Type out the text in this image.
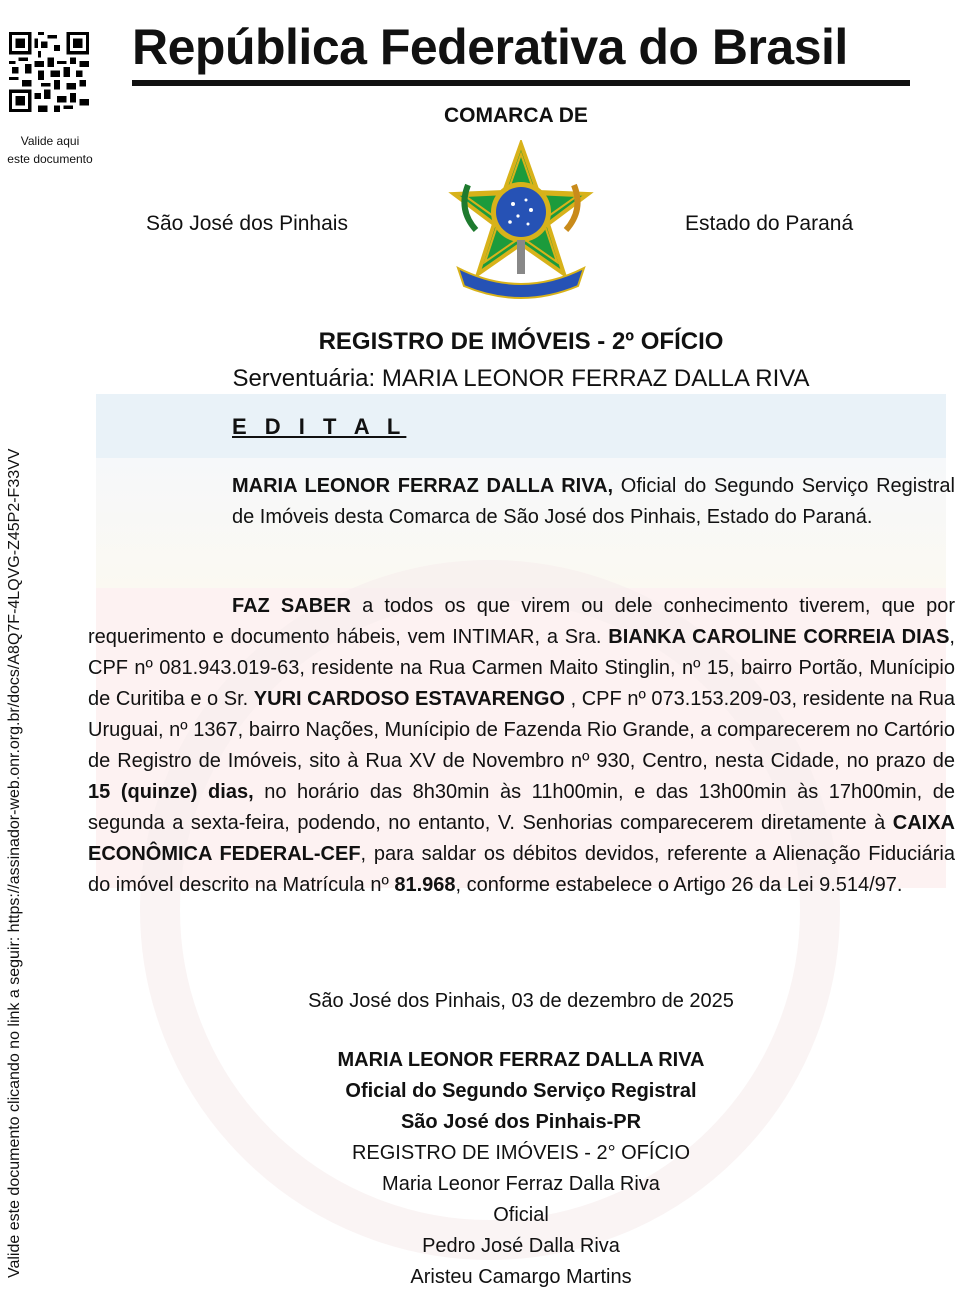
Valide aqui
este documento
República Federativa do Brasil
COMARCA DE
São José dos Pinhais	Estado do Paraná
Valide este documento clicando no link a seguir: https://assinador-web.onr.org.br/docs/A8Q7F-4LQVG-Z45P2-F33VV
REGISTRO DE IMÓVEIS - 2º OFÍCIO
Serventuária: MARIA LEONOR FERRAZ DALLA RIVA
E D I T A L
MARIA LEONOR FERRAZ DALLA RIVA, Oficial do Segundo Serviço Registral de Imóveis desta Comarca de São José dos Pinhais, Estado do Paraná.
FAZ SABER a todos os que virem ou dele conhecimento tiverem, que por requerimento e documento hábeis, vem INTIMAR, a Sra. BIANKA CAROLINE CORREIA DIAS, CPF nº 081.943.019-63, residente na Rua Carmen Maito Stinglin, nº 15, bairro Portão, Munícipio de Curitiba e o Sr. YURI CARDOSO ESTAVARENGO , CPF nº 073.153.209-03, residente na Rua Uruguai, nº 1367, bairro Nações, Munícipio de Fazenda Rio Grande, a comparecerem no Cartório de Registro de Imóveis, sito à Rua XV de Novembro nº 930, Centro, nesta Cidade, no prazo de 15 (quinze) dias, no horário das 8h30min às 11h00min, e das 13h00min às 17h00min, de segunda a sexta-feira, podendo, no entanto, V. Senhorias comparecerem diretamente à CAIXA ECONÔMICA FEDERAL-CEF, para saldar os débitos devidos, referente a Alienação Fiduciária do imóvel descrito na Matrícula nº 81.968, conforme estabelece o Artigo 26 da Lei 9.514/97.
São José dos Pinhais, 03 de dezembro de 2025
MARIA LEONOR FERRAZ DALLA RIVA
Oficial do Segundo Serviço Registral
São José dos Pinhais-PR
REGISTRO DE IMÓVEIS - 2° OFÍCIO
Maria Leonor Ferraz Dalla Riva
Oficial
Pedro José Dalla Riva
Aristeu Camargo Martins
